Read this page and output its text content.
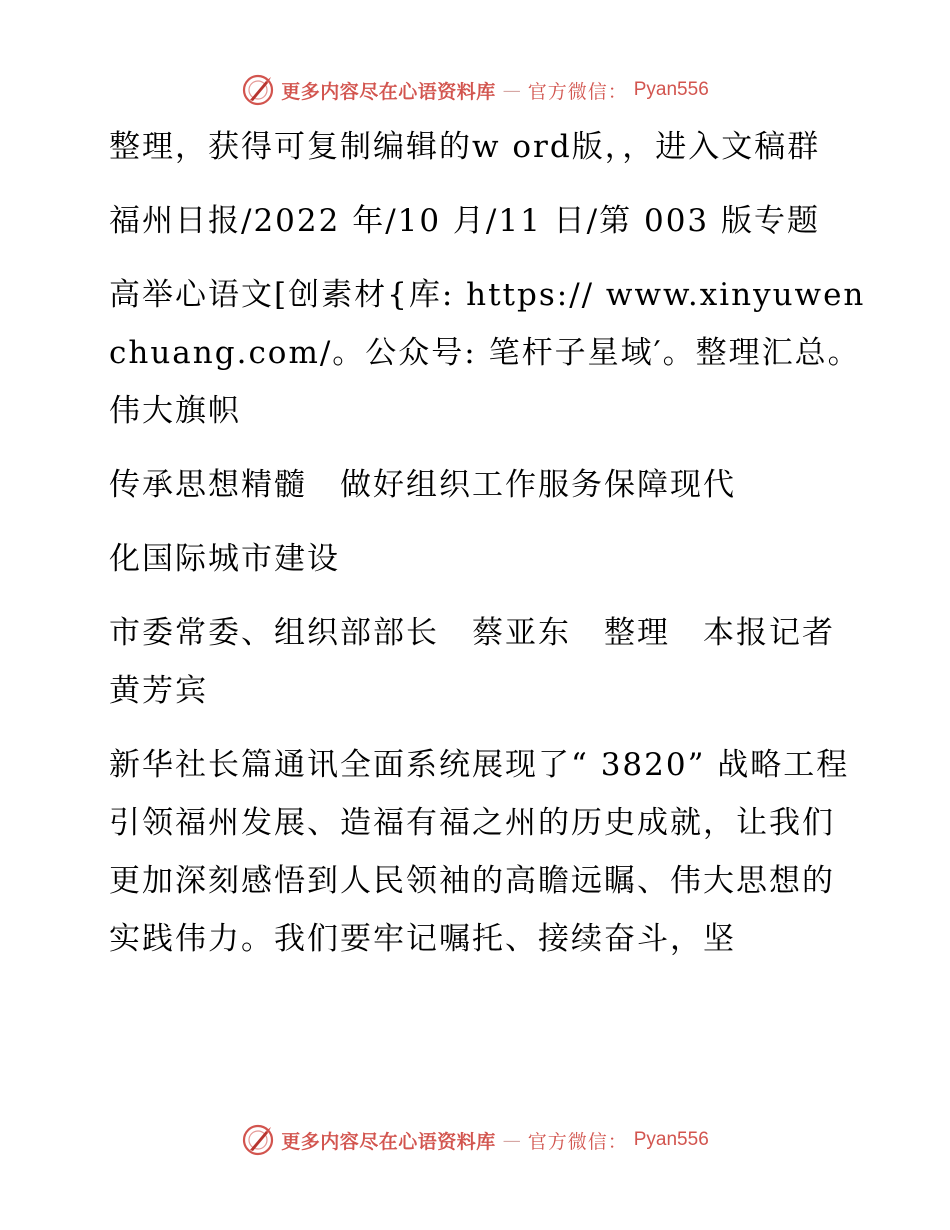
更多内容尽在心语资料库 — 官方微信： Pyan556

整理，获得可复制编辑的w ord版，，进入文稿群

福州日报/2022 年/10 月/11 日/第 003 版专题

高举心语文[创素材{库: https:// www.xinyuwenchuang.com/。公众号: 笔杆子星域′。整理汇总。伟大旗帜

传承思想精髓　做好组织工作服务保障现代

化国际城市建设

市委常委、组织部部长　蔡亚东　整理　本报记者　黄芳宾

新华社长篇通讯全面系统展现了“ 3820” 战略工程引领福州发展、造福有福之州的历史成就，让我们更加深刻感悟到人民领袖的高瞻远瞩、伟大思想的实践伟力。我们要牢记嘱托、接续奋斗，坚

更多内容尽在心语资料库 — 官方微信： Pyan556
